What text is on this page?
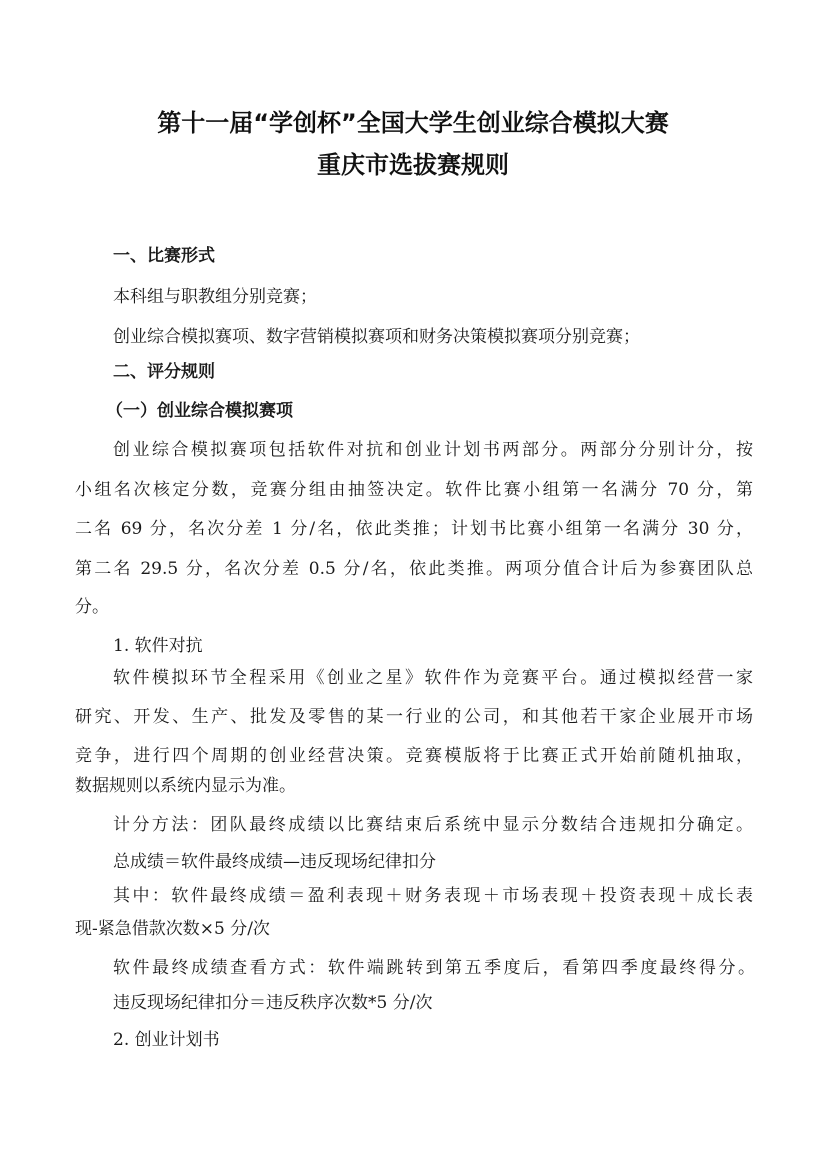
第十一届“学创杯”全国大学生创业综合模拟大赛
重庆市选拔赛规则
一、比赛形式
本科组与职教组分别竞赛；
创业综合模拟赛项、数字营销模拟赛项和财务决策模拟赛项分别竞赛；
二、评分规则
（一）创业综合模拟赛项
创业综合模拟赛项包括软件对抗和创业计划书两部分。两部分分别计分，按
小组名次核定分数，竞赛分组由抽签决定。软件比赛小组第一名满分 70 分，第
二名 69 分，名次分差 1 分/名，依此类推；计划书比赛小组第一名满分 30 分，
第二名 29.5 分，名次分差 0.5 分/名，依此类推。两项分值合计后为参赛团队总
分。
1. 软件对抗
软件模拟环节全程采用《创业之星》软件作为竞赛平台。通过模拟经营一家
研究、开发、生产、批发及零售的某一行业的公司，和其他若干家企业展开市场
竞争，进行四个周期的创业经营决策。竞赛模版将于比赛正式开始前随机抽取，
数据规则以系统内显示为准。
计分方法：团队最终成绩以比赛结束后系统中显示分数结合违规扣分确定。
总成绩＝软件最终成绩—违反现场纪律扣分
其中：软件最终成绩＝盈利表现＋财务表现＋市场表现＋投资表现＋成长表
现-紧急借款次数×5 分/次
软件最终成绩查看方式：软件端跳转到第五季度后，看第四季度最终得分。
违反现场纪律扣分＝违反秩序次数*5 分/次
2. 创业计划书
